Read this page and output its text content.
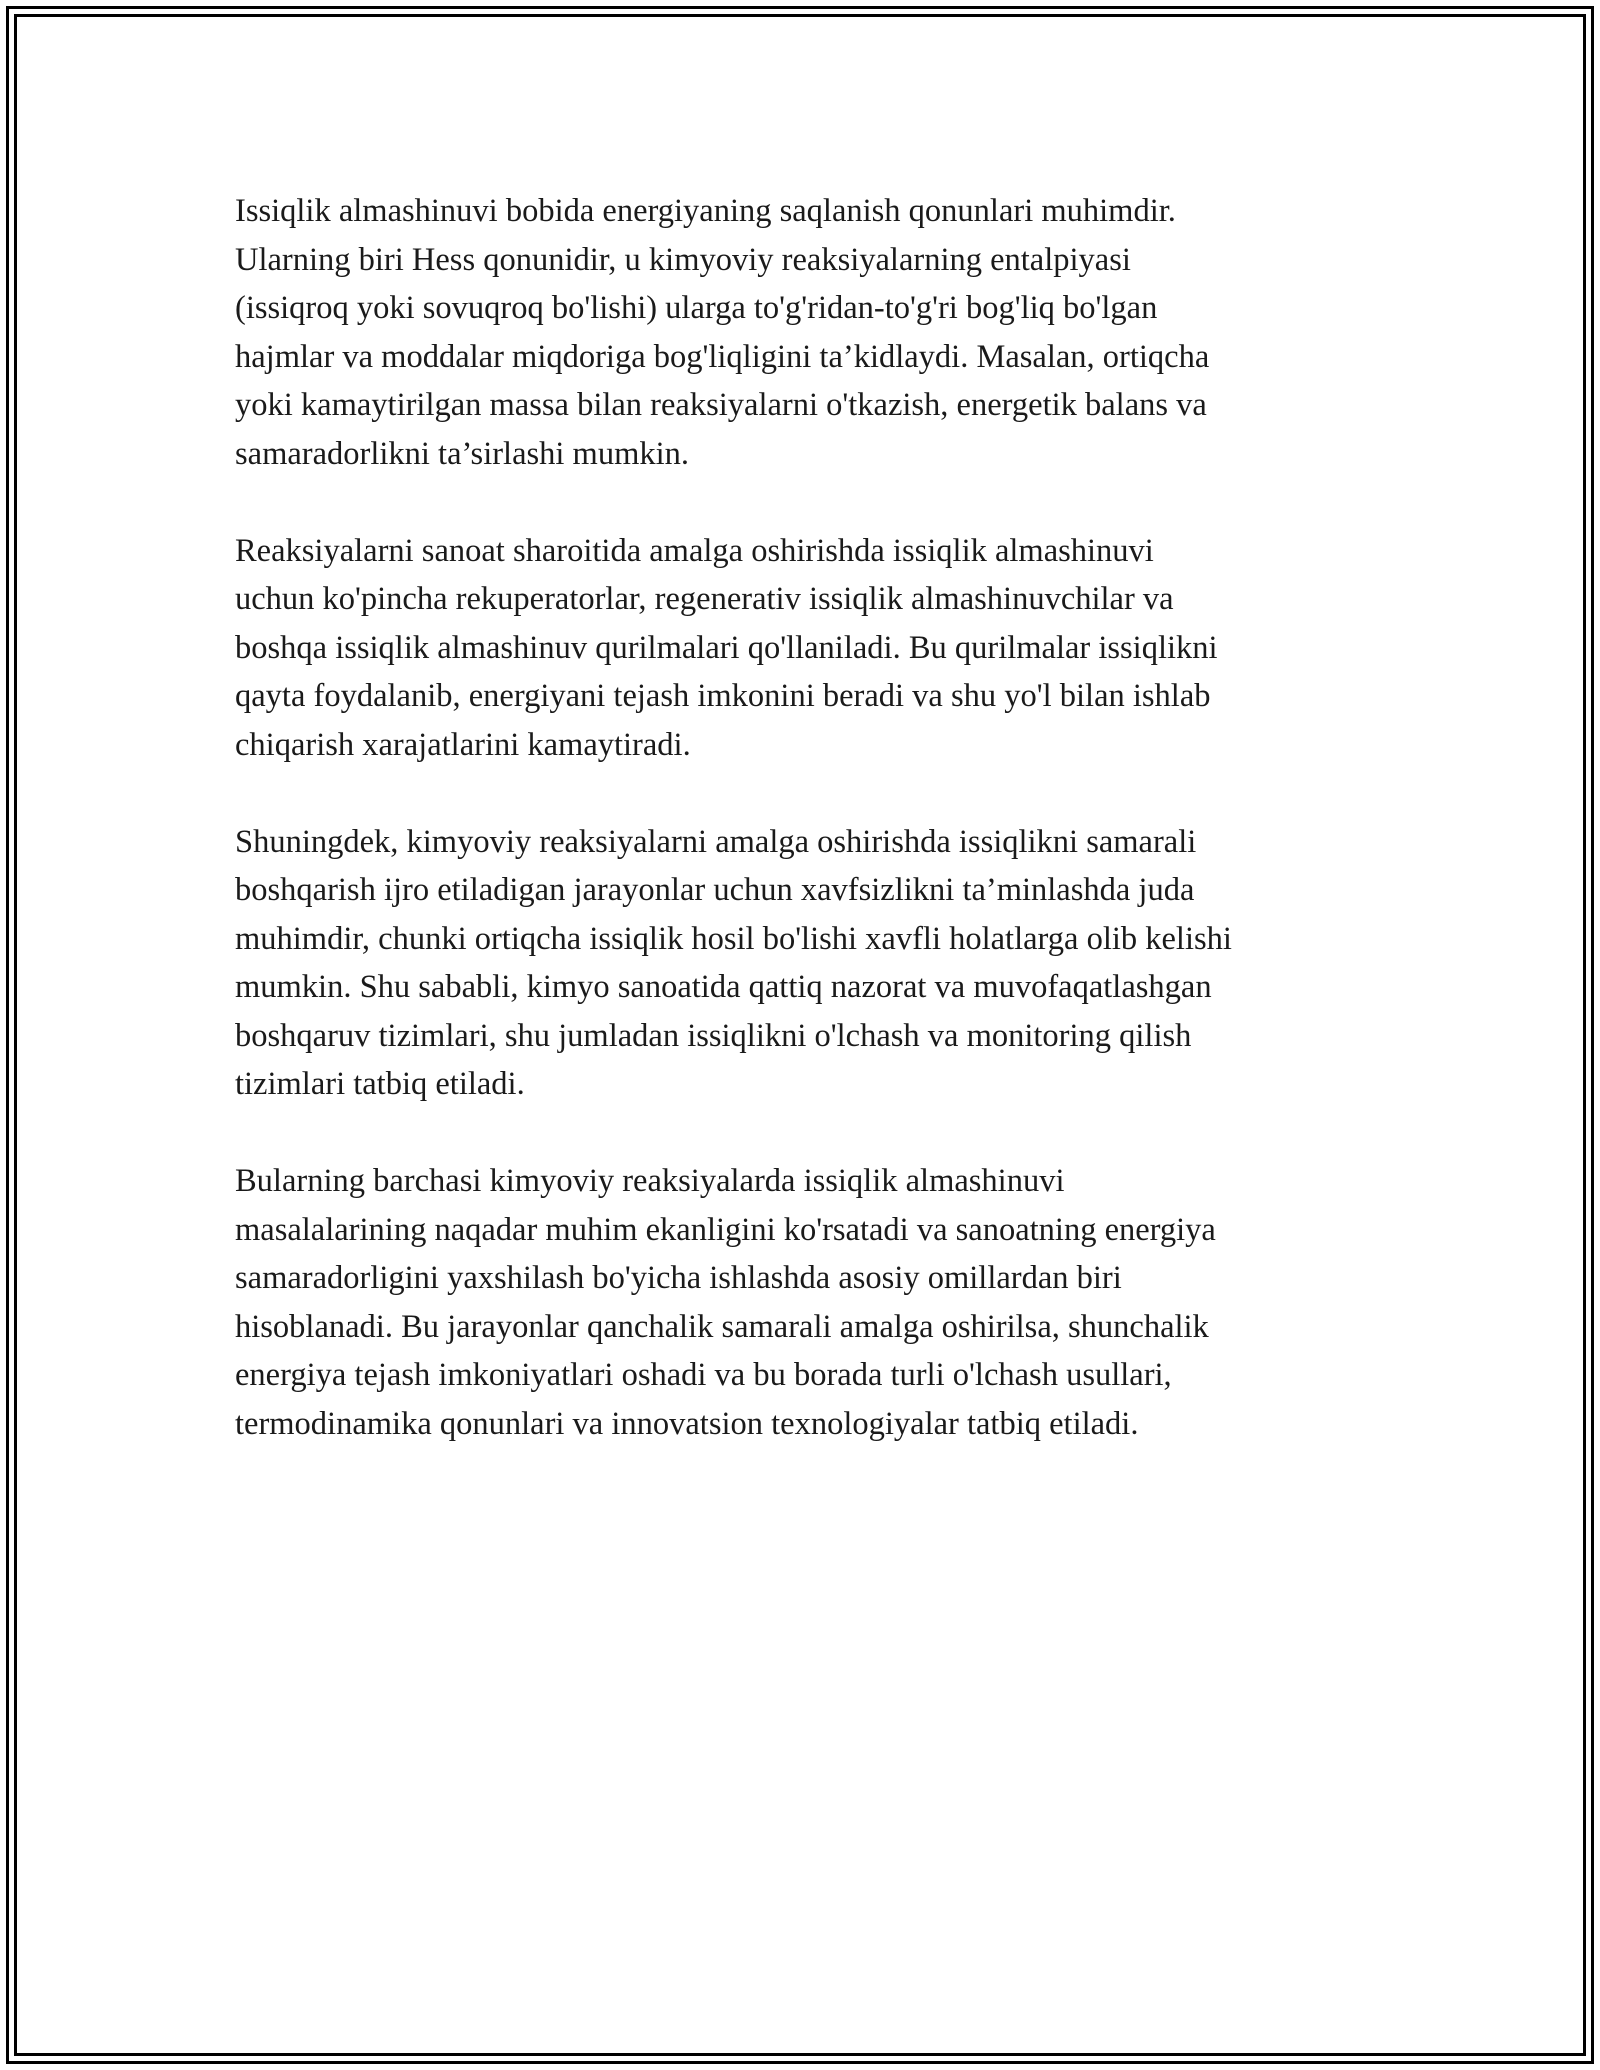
Issiqlik almashinuvi bobida energiyaning saqlanish qonunlari muhimdir.
Ularning biri Hess qonunidir, u kimyoviy reaksiyalarning entalpiyasi
(issiqroq yoki sovuqroq bo'lishi) ularga to'g'ridan-to'g'ri bog'liq bo'lgan
hajmlar va moddalar miqdoriga bog'liqligini ta’kidlaydi. Masalan, ortiqcha
yoki kamaytirilgan massa bilan reaksiyalarni o'tkazish, energetik balans va
samaradorlikni ta’sirlashi mumkin.

Reaksiyalarni sanoat sharoitida amalga oshirishda issiqlik almashinuvi
uchun ko'pincha rekuperatorlar, regenerativ issiqlik almashinuvchilar va
boshqa issiqlik almashinuv qurilmalari qo'llaniladi. Bu qurilmalar issiqlikni
qayta foydalanib, energiyani tejash imkonini beradi va shu yo'l bilan ishlab
chiqarish xarajatlarini kamaytiradi.

Shuningdek, kimyoviy reaksiyalarni amalga oshirishda issiqlikni samarali
boshqarish ijro etiladigan jarayonlar uchun xavfsizlikni ta’minlashda juda
muhimdir, chunki ortiqcha issiqlik hosil bo'lishi xavfli holatlarga olib kelishi
mumkin. Shu sababli, kimyo sanoatida qattiq nazorat va muvofaqatlashgan
boshqaruv tizimlari, shu jumladan issiqlikni o'lchash va monitoring qilish
tizimlari tatbiq etiladi.

Bularning barchasi kimyoviy reaksiyalarda issiqlik almashinuvi
masalalarining naqadar muhim ekanligini ko'rsatadi va sanoatning energiya
samaradorligini yaxshilash bo'yicha ishlashda asosiy omillardan biri
hisoblanadi. Bu jarayonlar qanchalik samarali amalga oshirilsa, shunchalik
energiya tejash imkoniyatlari oshadi va bu borada turli o'lchash usullari,
termodinamika qonunlari va innovatsion texnologiyalar tatbiq etiladi.
